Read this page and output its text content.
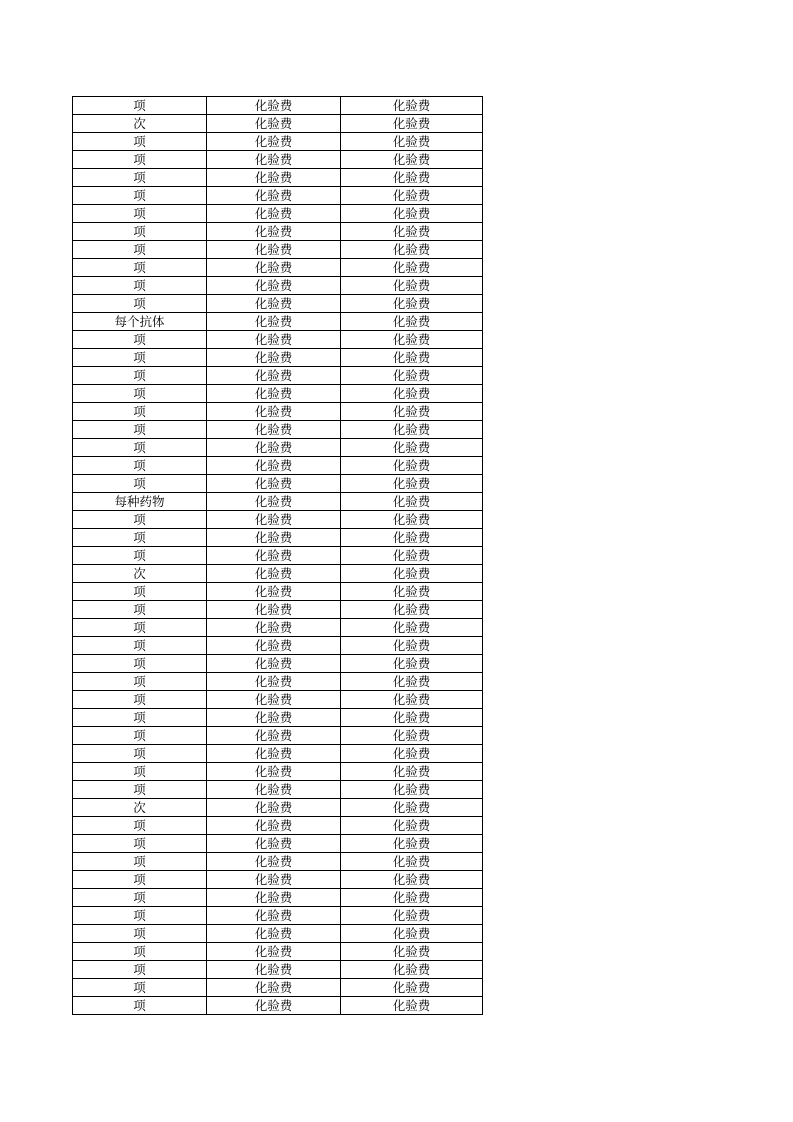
项	化验费	化验费
次	化验费	化验费
项	化验费	化验费
项	化验费	化验费
项	化验费	化验费
项	化验费	化验费
项	化验费	化验费
项	化验费	化验费
项	化验费	化验费
项	化验费	化验费
项	化验费	化验费
项	化验费	化验费
每个抗体	化验费	化验费
项	化验费	化验费
项	化验费	化验费
项	化验费	化验费
项	化验费	化验费
项	化验费	化验费
项	化验费	化验费
项	化验费	化验费
项	化验费	化验费
项	化验费	化验费
每种药物	化验费	化验费
项	化验费	化验费
项	化验费	化验费
项	化验费	化验费
次	化验费	化验费
项	化验费	化验费
项	化验费	化验费
项	化验费	化验费
项	化验费	化验费
项	化验费	化验费
项	化验费	化验费
项	化验费	化验费
项	化验费	化验费
项	化验费	化验费
项	化验费	化验费
项	化验费	化验费
项	化验费	化验费
次	化验费	化验费
项	化验费	化验费
项	化验费	化验费
项	化验费	化验费
项	化验费	化验费
项	化验费	化验费
项	化验费	化验费
项	化验费	化验费
项	化验费	化验费
项	化验费	化验费
项	化验费	化验费
项	化验费	化验费
